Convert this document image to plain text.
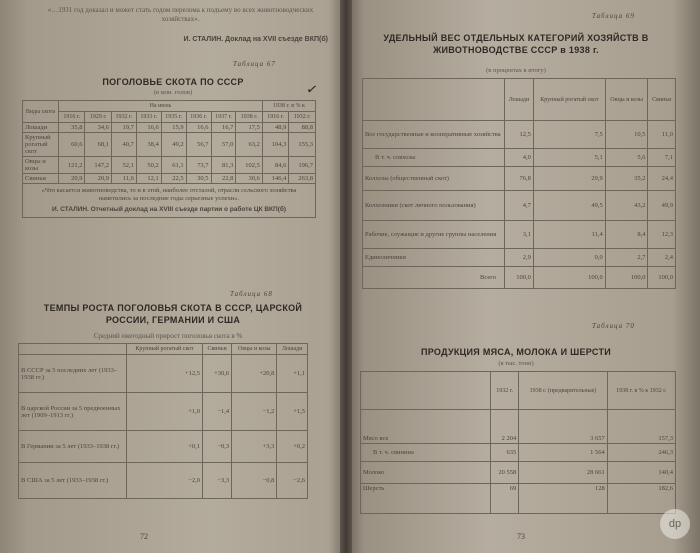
«…1931 год доказал и может стать годом перелома к подъему во всех животноводческих хозяйствах».
И. СТАЛИН. Доклад на XVII съезде ВКП(б)
Таблица 67
ПОГОЛОВЬЕ СКОТА ПО СССР
(в млн. голов)
Виды скота	На июль								1938 г. в % к	
	1916 г.	1929 г.	1932 г.	1933 г.	1935 г.	1936 г.	1937 г.	1938 г.	1916 г.	1932 г.
Лошади	35,8	34,6	19,7	16,6	15,9	16,6	16,7	17,5	48,9	88,8
Крупный рогатый скот	60,6	68,1	40,7	38,4	49,2	56,7	57,0	63,2	104,3	155,3
Овцы и козы	121,2	147,2	52,1	50,2	61,1	73,7	81,3	102,5	84,6	196,7
Свиньи	20,9	20,9	11,6	12,1	22,5	30,5	22,8	30,6	146,4	263,8

«Что касается животноводства, то и в этой, наиболее отсталой, отрасли сельского хозяйства наметились за последние годы серьезные успехи».
И. СТАЛИН. Отчетный доклад на XVIII съезде партии о работе ЦК ВКП(б)										
✓
Таблица 68
ТЕМПЫ РОСТА ПОГОЛОВЬЯ СКОТА В СССР, ЦАРСКОЙ РОССИИ, ГЕРМАНИИ И США
Средний ежегодный прирост поголовья скота в %
	Крупный рогатый скот	Свиньи	Овцы и козы	Лошади
В СССР за 5 последних лет (1933–1938 гг.)	+12,5	+30,6	+20,8	+1,1
В царской России за 5 предвоенных лет (1909–1913 гг.)	+1,0	−1,4	−1,2	+1,5
В Германии за 5 лет (1933–1938 гг.)	+0,1	−0,3	+3,3	+0,2
В США за 5 лет (1933–1938 гг.)	−2,0	−3,3	−0,8	−2,6
72
Таблица 69
УДЕЛЬНЫЙ ВЕС ОТДЕЛЬНЫХ КАТЕГОРИЙ ХОЗЯЙСТВ В ЖИВОТНОВОДСТВЕ СССР в 1938 г.
(в процентах к итогу)
	Лошади	Крупный рогатый скот	Овцы и козы	Свиньи
Все государственные и кооперативные хозяйства	12,5	7,5	10,5	11,0
В т. ч. совхозы	4,0	5,1	5,6	7,1
Колхозы (общественный скот)	76,8	29,9	35,2	24,4
Колхозники (скот личного пользования)	4,7	49,5	43,2	49,9
Рабочие, служащие и другие группы населения	3,1	11,4	8,4	12,3
Единоличники	2,9	0,0	2,7	2,4
Всего	100,0	100,0	100,0	100,0
Таблица 70
ПРОДУКЦИЯ МЯСА, МОЛОКА И ШЕРСТИ
(в тыс. тонн)
	1932 г.	1938 г. (предварительные)	1938 г. в % к 1932 г.
Мясо все	2 204	3 657	157,3
В т. ч. свинина	635	1 564	246,3
Молоко	20 558	28 661	140,4
Шерсть	69	128	182,6
73
dp
